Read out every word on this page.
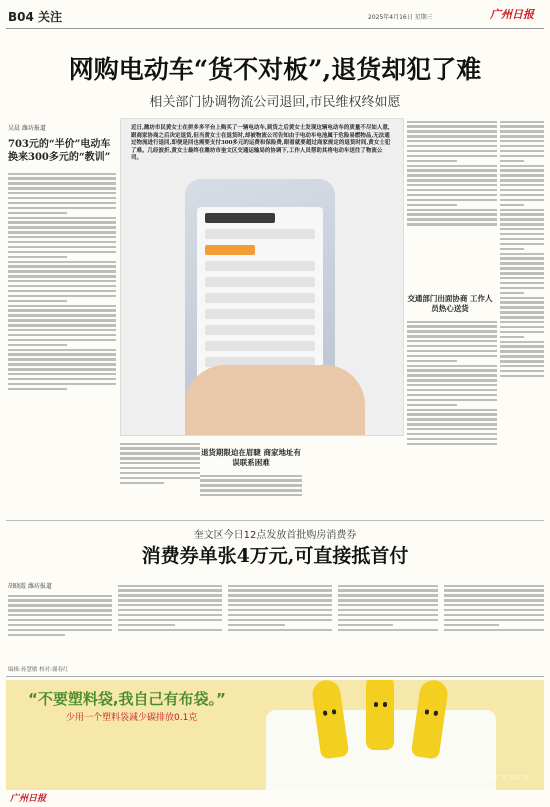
B04 关注	2025年4月16日 星期三	广州日报
网购电动车“货不对板”,退货却犯了难
相关部门协调物流公司退回,市民维权终如愿
吴晨 潍坊报道
703元的“半价”电动车换来300多元的“教训”
近日,潍坊市民黄女士在拼多多平台上购买了一辆电动车,到货之后黄女士发现这辆电动车的质量不尽如人意,跟商家协商之后决定退货,但当黄女士在退货时,却被物流公司告知由于电动车电池属于危险易燃物品,无法通过物流进行退回,即便是回也需要支付300多元的运费和保险费,眼看就要超过商家规定的退货时间,黄女士犯了难。几经波折,黄女士最终在潍坊市奎文区交通运输局的协调下,工作人员帮助其将电动车送往了物流公司。
退货期限迫在眉睫 商家地址有误联系困难
交通部门出面协商 工作人员热心送货
奎文区今日12点发放首批购房消费券
消费券单张4万元,可直接抵首付
胡晓霞 潍坊报道
编辑:孙慧敏 校对:谢春红
“不要塑料袋,我自己有布袋。”
少用一个塑料袋减少碳排放0.1克
“商业广告”公益广告
广州日报
